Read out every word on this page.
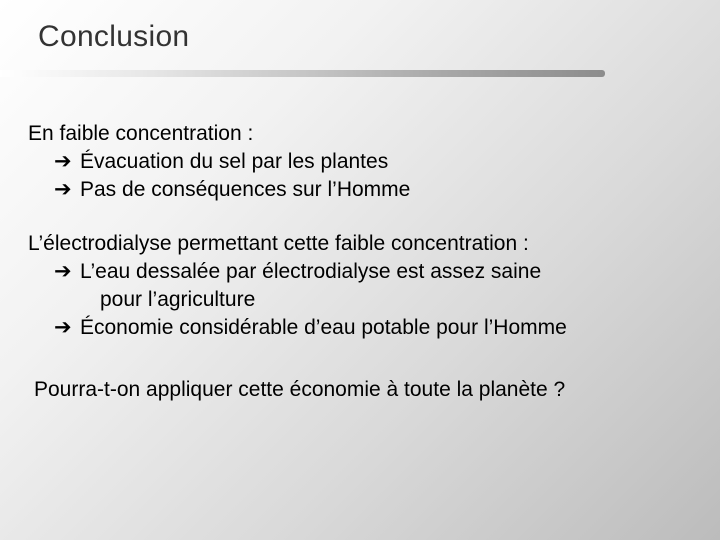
Conclusion
En faible concentration :
➔ Évacuation du sel par les plantes
➔ Pas de conséquences sur l’Homme
L’électrodialyse permettant cette faible concentration :
➔ L’eau dessalée par électrodialyse est assez saine
pour l’agriculture
➔ Économie considérable d’eau potable pour l’Homme
Pourra-t-on appliquer cette économie à toute la planète ?
